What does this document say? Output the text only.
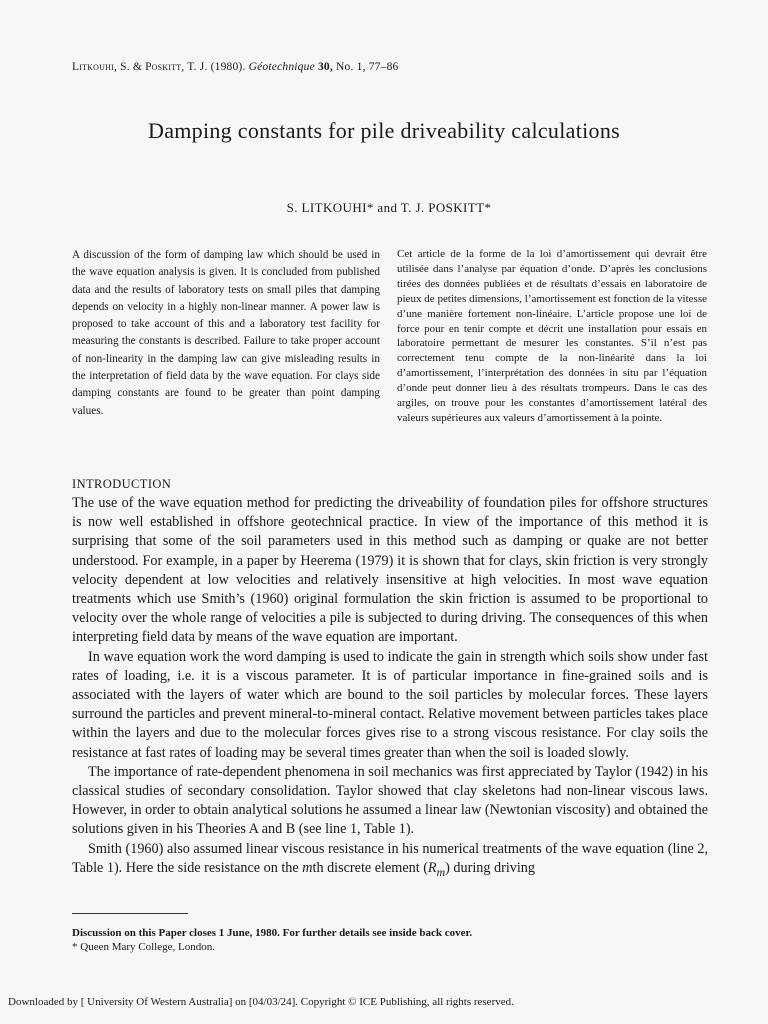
Litkouhi, S. & Poskitt, T. J. (1980). Géotechnique 30, No. 1, 77–86
Damping constants for pile driveability calculations
S. LITKOUHI* and T. J. POSKITT*
A discussion of the form of damping law which should be used in the wave equation analysis is given. It is concluded from published data and the results of laboratory tests on small piles that damping depends on velocity in a highly non-linear manner. A power law is proposed to take account of this and a laboratory test facility for measuring the constants is described. Failure to take proper account of non-linearity in the damping law can give misleading results in the interpretation of field data by the wave equation. For clays side damping constants are found to be greater than point damping values.
Cet article de la forme de la loi d’amortissement qui devrait être utilisée dans l’analyse par équation d’onde. D’après les conclusions tirées des données publiées et de résultats d’essais en laboratoire de pieux de petites dimensions, l’amortissement est fonction de la vitesse d’une manière fortement non-linéaire. L’article propose une loi de force pour en tenir compte et décrit une installation pour essais en laboratoire permettant de mesurer les constantes. S’il n’est pas correctement tenu compte de la non-linéarité dans la loi d’amortissement, l’interprétation des données in situ par l’équation d’onde peut donner lieu à des résultats trompeurs. Dans le cas des argiles, on trouve pour les constantes d’amortissement latéral des valeurs supérieures aux valeurs d’amortissement à la pointe.
INTRODUCTION

The use of the wave equation method for predicting the driveability of foundation piles for offshore structures is now well established in offshore geotechnical practice. In view of the importance of this method it is surprising that some of the soil parameters used in this method such as damping or quake are not better understood. For example, in a paper by Heerema (1979) it is shown that for clays, skin friction is very strongly velocity dependent at low velocities and relatively insensitive at high velocities. In most wave equation treatments which use Smith’s (1960) original formulation the skin friction is assumed to be proportional to velocity over the whole range of velocities a pile is subjected to during driving. The consequences of this when interpreting field data by means of the wave equation are important.

In wave equation work the word damping is used to indicate the gain in strength which soils show under fast rates of loading, i.e. it is a viscous parameter. It is of particular importance in fine-grained soils and is associated with the layers of water which are bound to the soil particles by molecular forces. These layers surround the particles and prevent mineral-to-mineral contact. Relative movement between particles takes place within the layers and due to the molecular forces gives rise to a strong viscous resistance. For clay soils the resistance at fast rates of loading may be several times greater than when the soil is loaded slowly.

The importance of rate-dependent phenomena in soil mechanics was first appreciated by Taylor (1942) in his classical studies of secondary consolidation. Taylor showed that clay skeletons had non-linear viscous laws. However, in order to obtain analytical solutions he assumed a linear law (Newtonian viscosity) and obtained the solutions given in his Theories A and B (see line 1, Table 1).

Smith (1960) also assumed linear viscous resistance in his numerical treatments of the wave equation (line 2, Table 1). Here the side resistance on the mth discrete element $(R_m)$ during driving

Discussion on this Paper closes 1 June, 1980. For further details see inside back cover.
* Queen Mary College, London.
Downloaded by [ University Of Western Australia] on [04/03/24]. Copyright © ICE Publishing, all rights reserved.
